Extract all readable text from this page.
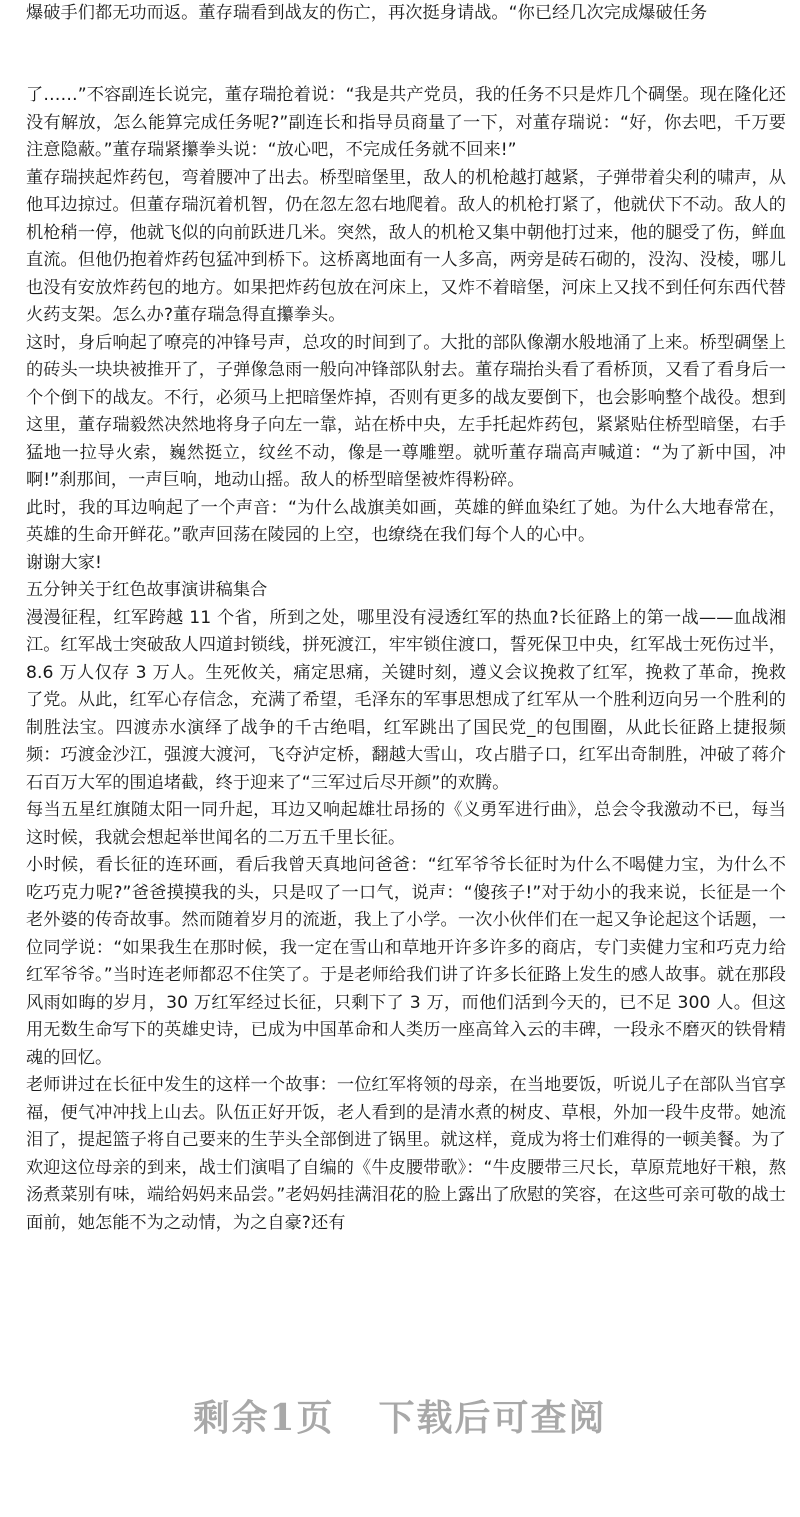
爆破手们都无功而返。董存瑞看到战友的伤亡，再次挺身请战。“你已经几次完成爆破任务

了……”不容副连长说完，董存瑞抢着说：“我是共产党员，我的任务不只是炸几个碉堡。现在隆化还没有解放，怎么能算完成任务呢?”副连长和指导员商量了一下，对董存瑞说：“好，你去吧，千万要注意隐蔽。”董存瑞紧攥拳头说：“放心吧，不完成任务就不回来!”

董存瑞挟起炸药包，弯着腰冲了出去。桥型暗堡里，敌人的机枪越打越紧，子弹带着尖利的啸声，从他耳边掠过。但董存瑞沉着机智，仍在忽左忽右地爬着。敌人的机枪打紧了，他就伏下不动。敌人的机枪稍一停，他就飞似的向前跃进几米。突然，敌人的机枪又集中朝他打过来，他的腿受了伤，鲜血直流。但他仍抱着炸药包猛冲到桥下。这桥离地面有一人多高，两旁是砖石砌的，没沟、没棱，哪儿也没有安放炸药包的地方。如果把炸药包放在河床上，又炸不着暗堡，河床上又找不到任何东西代替火药支架。怎么办?董存瑞急得直攥拳头。

这时，身后响起了嘹亮的冲锋号声，总攻的时间到了。大批的部队像潮水般地涌了上来。桥型碉堡上的砖头一块块被推开了，子弹像急雨一般向冲锋部队射去。董存瑞抬头看了看桥顶，又看了看身后一个个倒下的战友。不行，必须马上把暗堡炸掉，否则有更多的战友要倒下，也会影响整个战役。想到这里，董存瑞毅然决然地将身子向左一靠，站在桥中央，左手托起炸药包，紧紧贴住桥型暗堡，右手猛地一拉导火索，巍然挺立，纹丝不动，像是一尊雕塑。就听董存瑞高声喊道：“为了新中国，冲啊!”刹那间，一声巨响，地动山摇。敌人的桥型暗堡被炸得粉碎。

此时，我的耳边响起了一个声音：“为什么战旗美如画，英雄的鲜血染红了她。为什么大地春常在，英雄的生命开鲜花。”歌声回荡在陵园的上空，也缭绕在我们每个人的心中。

谢谢大家!

五分钟关于红色故事演讲稿集合

漫漫征程，红军跨越 11 个省，所到之处，哪里没有浸透红军的热血?长征路上的第一战——血战湘江。红军战士突破敌人四道封锁线，拼死渡江，牢牢锁住渡口，誓死保卫中央，红军战士死伤过半，8.6 万人仅存 3 万人。生死攸关，痛定思痛，关键时刻，遵义会议挽救了红军，挽救了革命，挽救了党。从此，红军心存信念，充满了希望，毛泽东的军事思想成了红军从一个胜利迈向另一个胜利的制胜法宝。四渡赤水演绎了战争的千古绝唱，红军跳出了国民党_的包围圈，从此长征路上捷报频频：巧渡金沙江，强渡大渡河，飞夺泸定桥，翻越大雪山，攻占腊子口，红军出奇制胜，冲破了蒋介石百万大军的围追堵截，终于迎来了“三军过后尽开颜”的欢腾。

每当五星红旗随太阳一同升起，耳边又响起雄壮昂扬的《义勇军进行曲》，总会令我激动不已，每当这时候，我就会想起举世闻名的二万五千里长征。

小时候，看长征的连环画，看后我曾天真地问爸爸：“红军爷爷长征时为什么不喝健力宝，为什么不吃巧克力呢?”爸爸摸摸我的头，只是叹了一口气，说声：“傻孩子!”对于幼小的我来说，长征是一个老外婆的传奇故事。然而随着岁月的流逝，我上了小学。一次小伙伴们在一起又争论起这个话题，一位同学说：“如果我生在那时候，我一定在雪山和草地开许多许多的商店，专门卖健力宝和巧克力给红军爷爷。”当时连老师都忍不住笑了。于是老师给我们讲了许多长征路上发生的感人故事。就在那段风雨如晦的岁月，30 万红军经过长征，只剩下了 3 万，而他们活到今天的，已不足 300 人。但这用无数生命写下的英雄史诗，已成为中国革命和人类历一座高耸入云的丰碑，一段永不磨灭的铁骨精魂的回忆。

老师讲过在长征中发生的这样一个故事：一位红军将领的母亲，在当地要饭，听说儿子在部队当官享福，便气冲冲找上山去。队伍正好开饭，老人看到的是清水煮的树皮、草根，外加一段牛皮带。她流泪了，提起篮子将自己要来的生芋头全部倒进了锅里。就这样，竟成为将士们难得的一顿美餐。为了欢迎这位母亲的到来，战士们演唱了自编的《牛皮腰带歌》：“牛皮腰带三尺长，草原荒地好干粮，熬汤煮菜别有味，端给妈妈来品尝。”老妈妈挂满泪花的脸上露出了欣慰的笑容，在这些可亲可敬的战士面前，她怎能不为之动情，为之自豪?还有

剩余1页 下载后可查阅
